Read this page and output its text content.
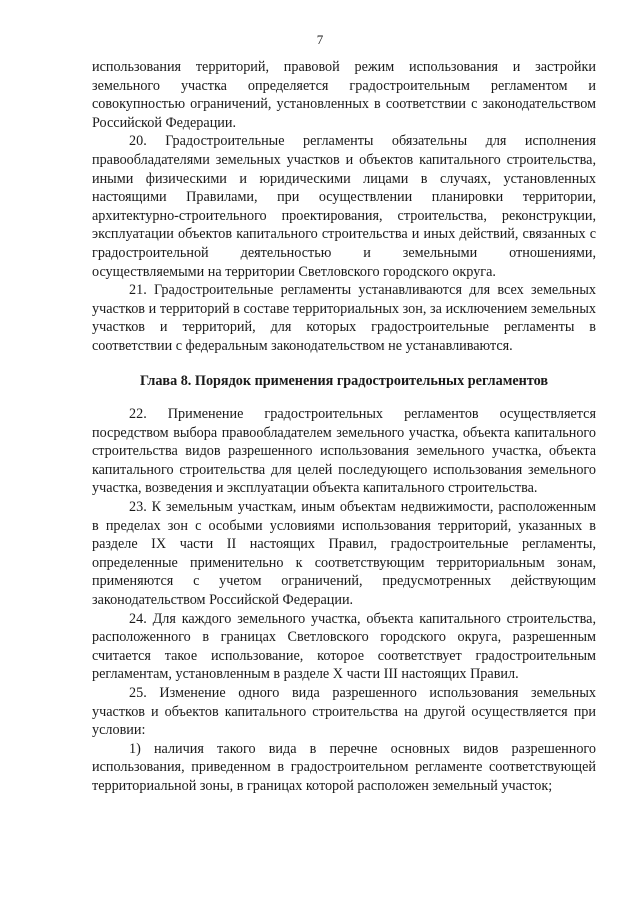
7

использования территорий, правовой режим использования и застройки земельного участка определяется градостроительным регламентом и совокупностью ограничений, установленных в соответствии с законодательством Российской Федерации.

20. Градостроительные регламенты обязательны для исполнения правообладателями земельных участков и объектов капитального строительства, иными физическими и юридическими лицами в случаях, установленных настоящими Правилами, при осуществлении планировки территории, архитектурно-строительного проектирования, строительства, реконструкции, эксплуатации объектов капитального строительства и иных действий, связанных с градостроительной деятельностью и земельными отношениями, осуществляемыми на территории Светловского городского округа.

21. Градостроительные регламенты устанавливаются для всех земельных участков и территорий в составе территориальных зон, за исключением земельных участков и территорий, для которых градостроительные регламенты в соответствии с федеральным законодательством не устанавливаются.

Глава 8. Порядок применения градостроительных регламентов

22. Применение градостроительных регламентов осуществляется посредством выбора правообладателем земельного участка, объекта капитального строительства видов разрешенного использования земельного участка, объекта капитального строительства для целей последующего использования земельного участка, возведения и эксплуатации объекта капитального строительства.

23. К земельным участкам, иным объектам недвижимости, расположенным в пределах зон с особыми условиями использования территорий, указанных в разделе IX части II настоящих Правил, градостроительные регламенты, определенные применительно к соответствующим территориальным зонам, применяются с учетом ограничений, предусмотренных действующим законодательством Российской Федерации.

24. Для каждого земельного участка, объекта капитального строительства, расположенного в границах Светловского городского округа, разрешенным считается такое использование, которое соответствует градостроительным регламентам, установленным в разделе X части III настоящих Правил.

25. Изменение одного вида разрешенного использования земельных участков и объектов капитального строительства на другой осуществляется при условии:

1) наличия такого вида в перечне основных видов разрешенного использования, приведенном в градостроительном регламенте соответствующей территориальной зоны, в границах которой расположен земельный участок;
